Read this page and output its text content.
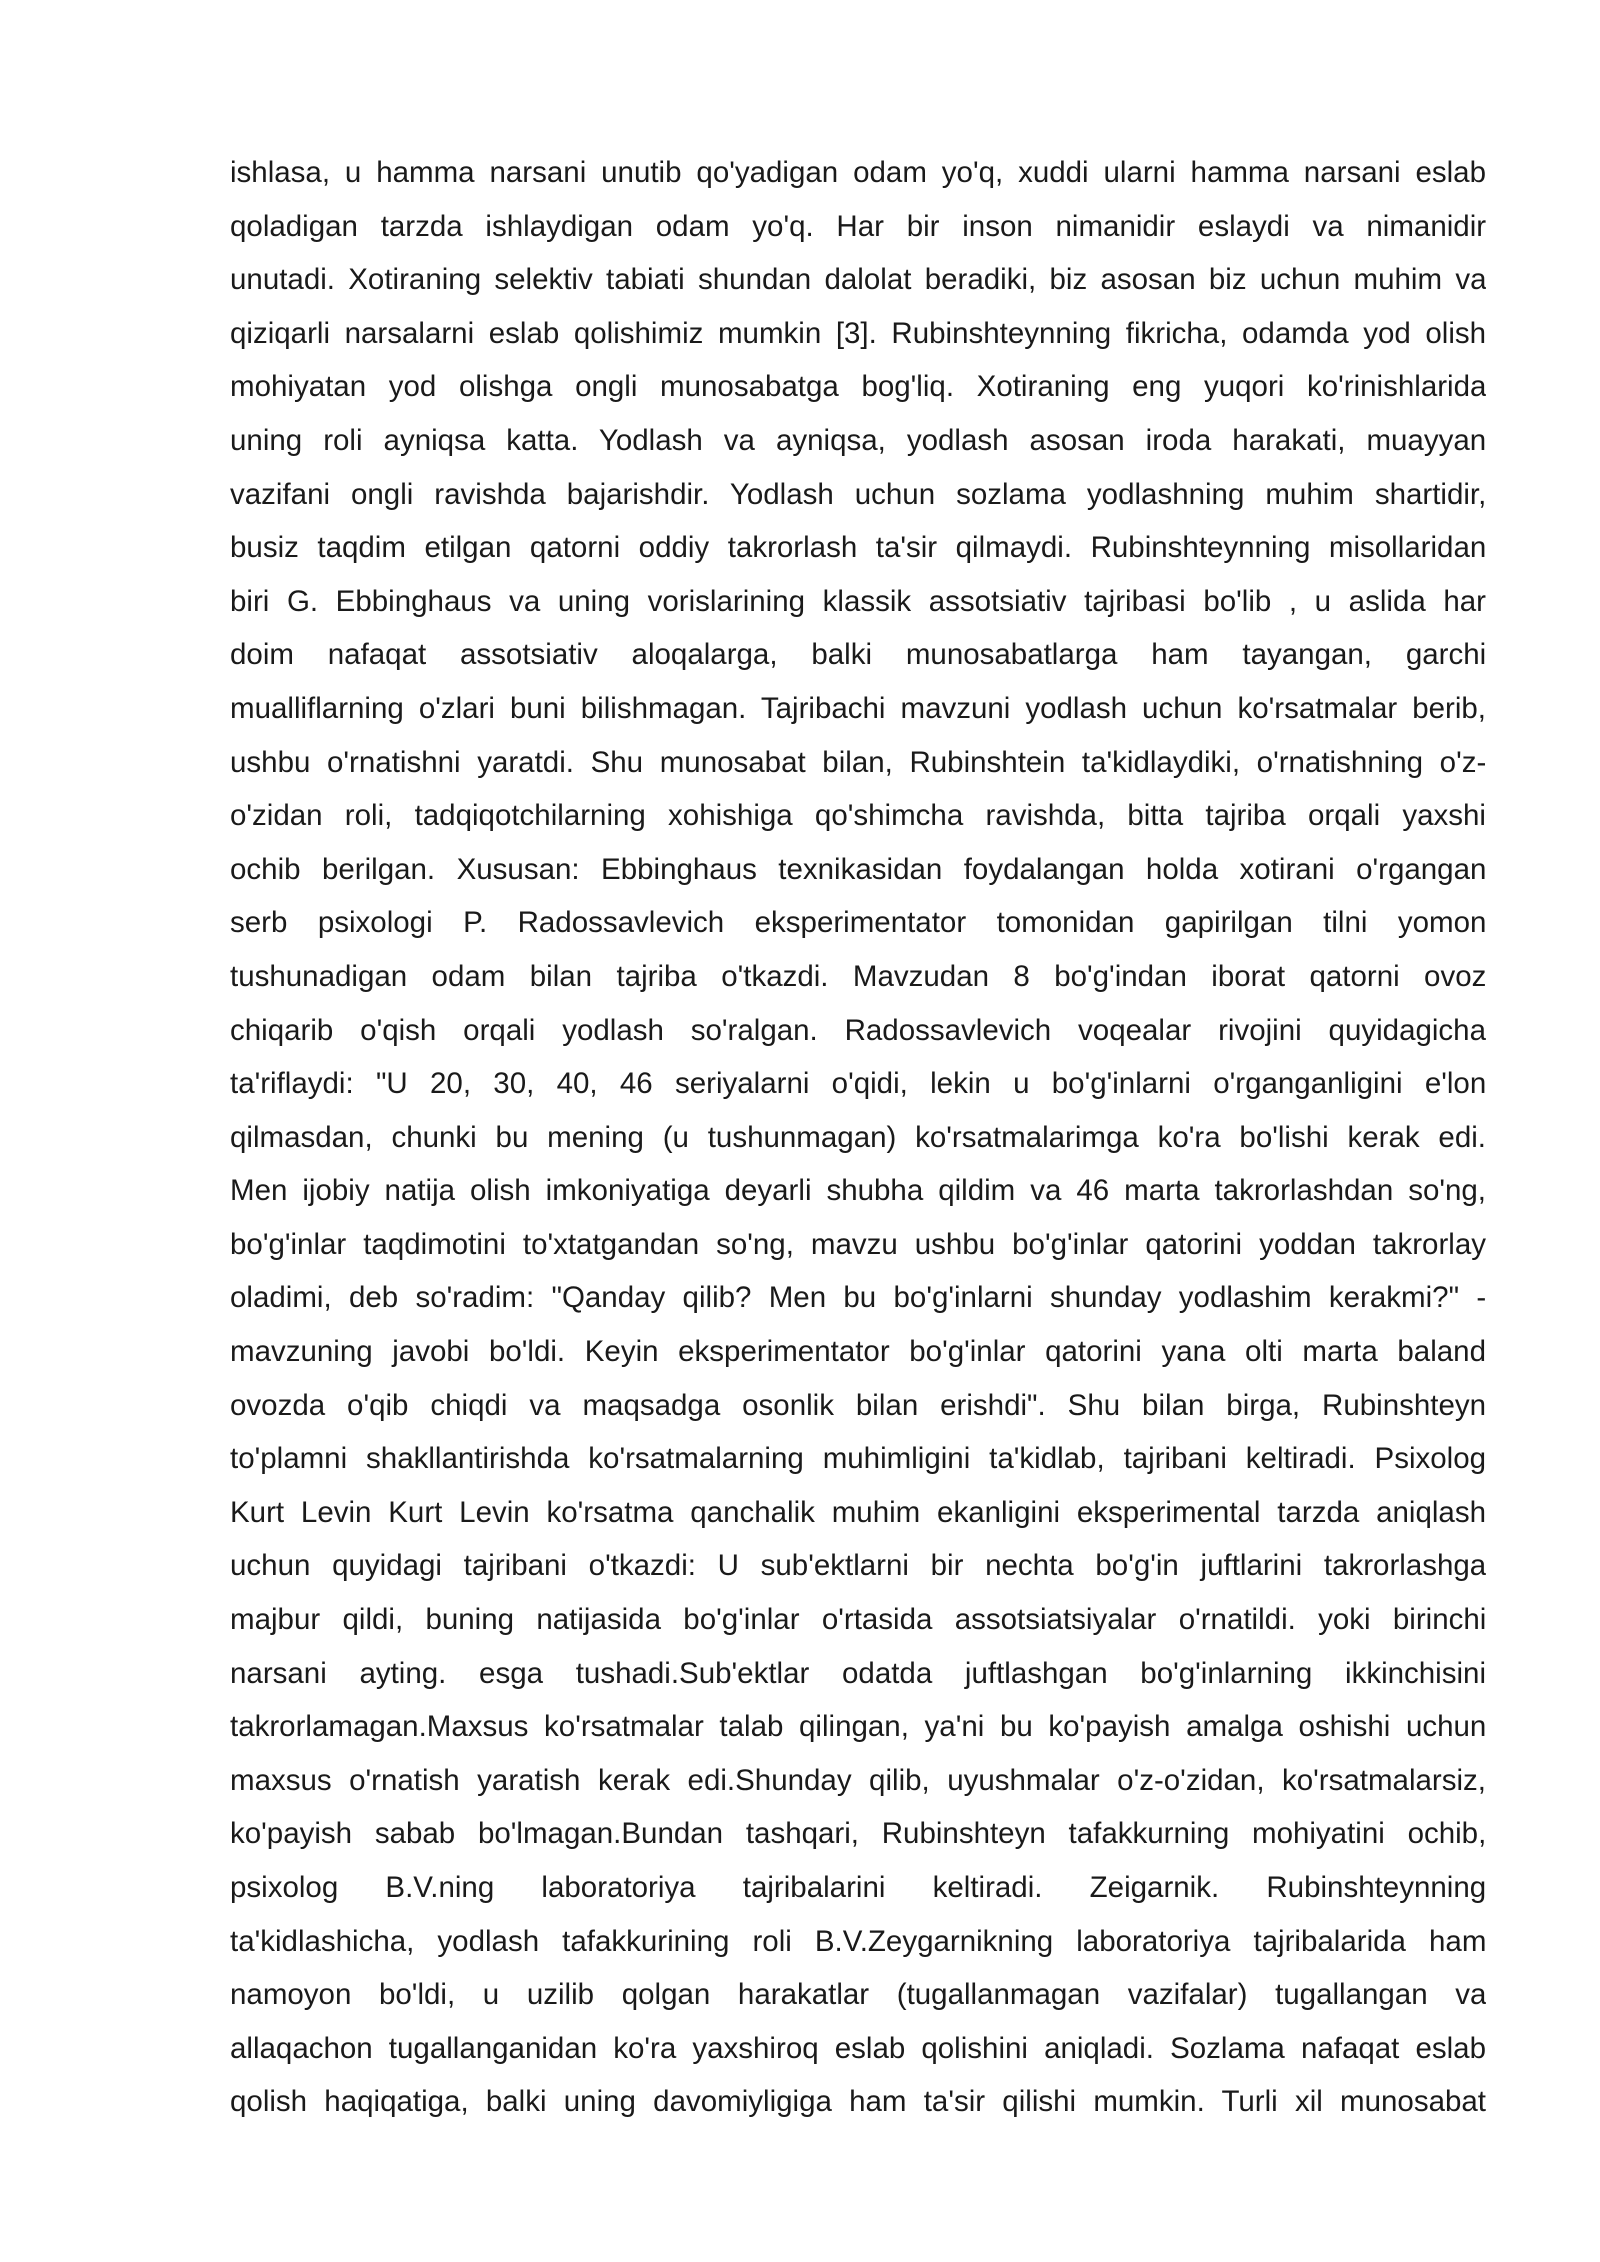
ishlasa, u hamma narsani unutib qo'yadigan odam yo'q, xuddi ularni hamma narsani eslab
qoladigan tarzda ishlaydigan odam yo'q. Har bir inson nimanidir eslaydi va nimanidir
unutadi. Xotiraning selektiv tabiati shundan dalolat beradiki, biz asosan biz uchun muhim va
qiziqarli narsalarni eslab qolishimiz mumkin [3]. Rubinshteynning fikricha, odamda yod olish
mohiyatan yod olishga ongli munosabatga bog'liq. Xotiraning eng yuqori ko'rinishlarida
uning roli ayniqsa katta. Yodlash va ayniqsa, yodlash asosan iroda harakati, muayyan
vazifani ongli ravishda bajarishdir. Yodlash uchun sozlama yodlashning muhim shartidir,
busiz taqdim etilgan qatorni oddiy takrorlash ta'sir qilmaydi. Rubinshteynning misollaridan
biri G. Ebbinghaus va uning vorislarining klassik assotsiativ tajribasi bo'lib , u aslida har
doim nafaqat assotsiativ aloqalarga, balki munosabatlarga ham tayangan, garchi
mualliflarning o'zlari buni bilishmagan. Tajribachi mavzuni yodlash uchun ko'rsatmalar berib,
ushbu o'rnatishni yaratdi. Shu munosabat bilan, Rubinshtein ta'kidlaydiki, o'rnatishning o'z-
o'zidan roli, tadqiqotchilarning xohishiga qo'shimcha ravishda, bitta tajriba orqali yaxshi
ochib berilgan. Xususan: Ebbinghaus texnikasidan foydalangan holda xotirani o'rgangan
serb psixologi P. Radossavlevich eksperimentator tomonidan gapirilgan tilni yomon
tushunadigan odam bilan tajriba o'tkazdi. Mavzudan 8 bo'g'indan iborat qatorni ovoz
chiqarib o'qish orqali yodlash so'ralgan. Radossavlevich voqealar rivojini quyidagicha
ta'riflaydi: "U 20, 30, 40, 46 seriyalarni o'qidi, lekin u bo'g'inlarni o'rganganligini e'lon
qilmasdan, chunki bu mening (u tushunmagan) ko'rsatmalarimga ko'ra bo'lishi kerak edi.
Men ijobiy natija olish imkoniyatiga deyarli shubha qildim va 46 marta takrorlashdan so'ng,
bo'g'inlar taqdimotini to'xtatgandan so'ng, mavzu ushbu bo'g'inlar qatorini yoddan takrorlay
oladimi, deb so'radim: "Qanday qilib? Men bu bo'g'inlarni shunday yodlashim kerakmi?" -
mavzuning javobi bo'ldi. Keyin eksperimentator bo'g'inlar qatorini yana olti marta baland
ovozda o'qib chiqdi va maqsadga osonlik bilan erishdi". Shu bilan birga, Rubinshteyn
to'plamni shakllantirishda ko'rsatmalarning muhimligini ta'kidlab, tajribani keltiradi. Psixolog
Kurt Levin Kurt Levin ko'rsatma qanchalik muhim ekanligini eksperimental tarzda aniqlash
uchun quyidagi tajribani o'tkazdi: U sub'ektlarni bir nechta bo'g'in juftlarini takrorlashga
majbur qildi, buning natijasida bo'g'inlar o'rtasida assotsiatsiyalar o'rnatildi. yoki birinchi
narsani ayting. esga tushadi.Sub'ektlar odatda juftlashgan bo'g'inlarning ikkinchisini
takrorlamagan.Maxsus ko'rsatmalar talab qilingan, ya'ni bu ko'payish amalga oshishi uchun
maxsus o'rnatish yaratish kerak edi.Shunday qilib, uyushmalar o'z-o'zidan, ko'rsatmalarsiz,
ko'payish sabab bo'lmagan.Bundan tashqari, Rubinshteyn tafakkurning mohiyatini ochib,
psixolog B.V.ning laboratoriya tajribalarini keltiradi. Zeigarnik. Rubinshteynning
ta'kidlashicha, yodlash tafakkurining roli B.V.Zeygarnikning laboratoriya tajribalarida ham
namoyon bo'ldi, u uzilib qolgan harakatlar (tugallanmagan vazifalar) tugallangan va
allaqachon tugallanganidan ko'ra yaxshiroq eslab qolishini aniqladi. Sozlama nafaqat eslab
qolish haqiqatiga, balki uning davomiyligiga ham ta'sir qilishi mumkin. Turli xil munosabat
